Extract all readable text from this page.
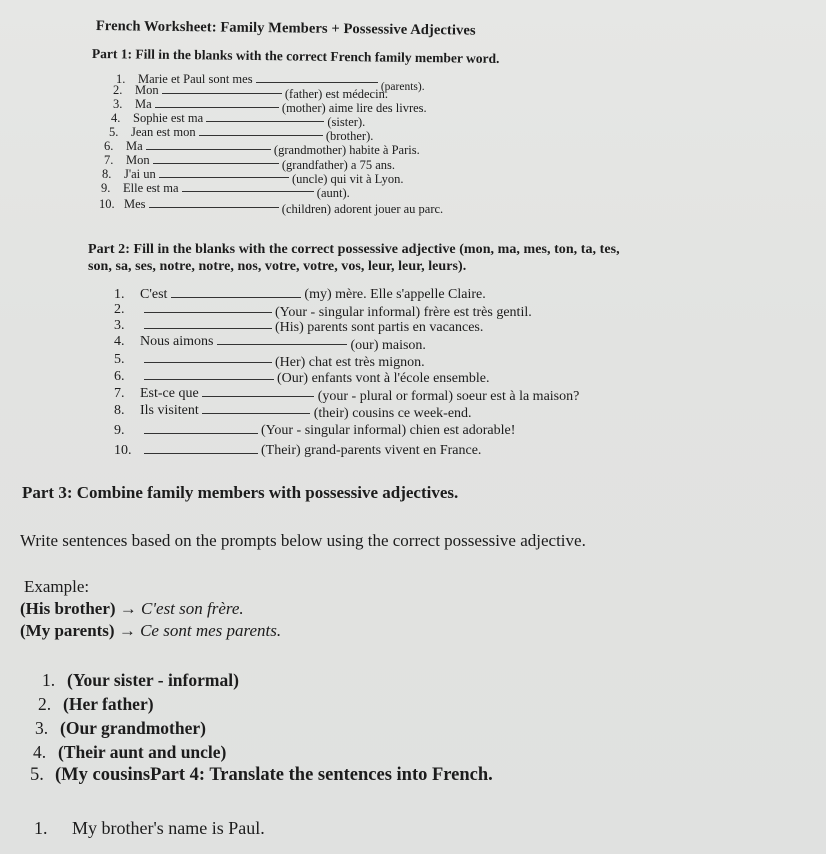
French Worksheet: Family Members + Possessive Adjectives
Part 1: Fill in the blanks with the correct French family member word.
1. Marie et Paul sont mes  (parents).
2. Mon	(father) est médecin.
3. Ma	(mother) aime lire des livres.
4. Sophie est ma	(sister).
5. Jean est mon	(brother).
6. Ma	(grandmother) habite à Paris.
7. Mon	(grandfather) a 75 ans.
8. J'ai un	(uncle) qui vit à Lyon.
9. Elle est ma	(aunt).
10. Mes	(children) adorent jouer au parc.
Part 2: Fill in the blanks with the correct possessive adjective (mon, ma, mes, ton, ta, tes,
son, sa, ses, notre, notre, nos, votre, votre, vos, leur, leur, leurs).
1. C'est	(my) mère. Elle s'appelle Claire.
2.	(Your - singular informal) frère est très gentil.
3.	(His) parents sont partis en vacances.
4. Nous aimons	(our) maison.
5.	(Her) chat est très mignon.
6.	(Our) enfants vont à l'école ensemble.
7. Est-ce que	(your - plural or formal) soeur est à la maison?
8. Ils visitent	(their) cousins ce week-end.
9.	(Your - singular informal) chien est adorable!
10.	(Their) grand-parents vivent en France.
Part 3: Combine family members with possessive adjectives.
Write sentences based on the prompts below using the correct possessive adjective.
Example:
(His brother) → C'est son frère.
(My parents) → Ce sont mes parents.
1. (Your sister - informal)
2. (Her father)
3. (Our grandmother)
4. (Their aunt and uncle)
5. (My cousinsPart 4: Translate the sentences into French.
1. My brother's name is Paul.
